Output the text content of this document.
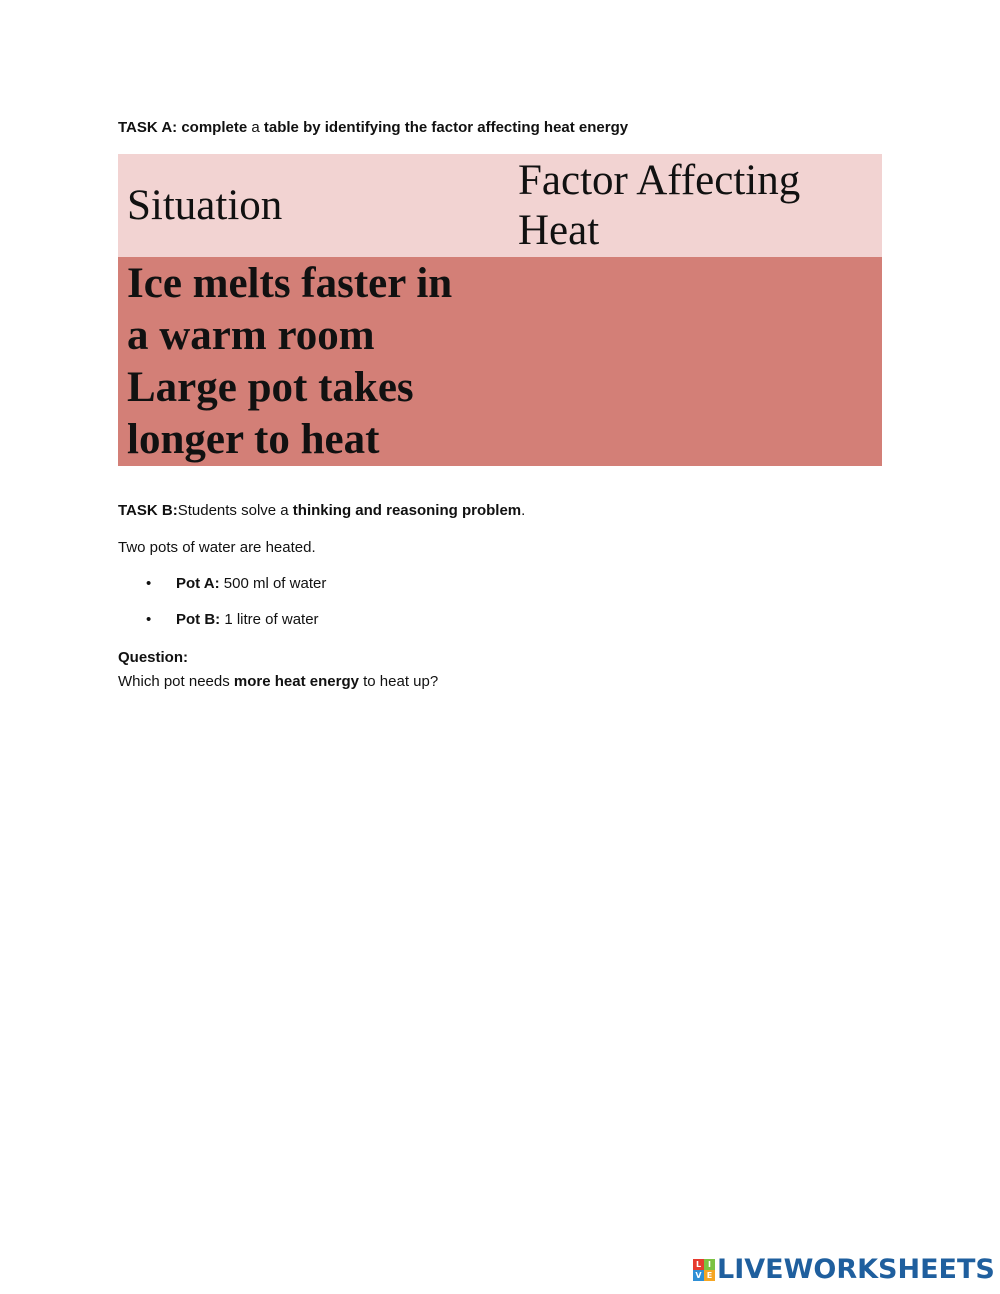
TASK A: complete a table by identifying the factor affecting heat energy
Situation	Factor Affecting Heat

Ice melts faster in
a warm room
Large pot takes
longer to heat	

TASK B:Students solve a thinking and reasoning problem.
Two pots of water are heated.
• Pot A: 500 ml of water
• Pot B: 1 litre of water
Question:
Which pot needs more heat energy to heat up?
L I
V E LIVEWORKSHEETS
